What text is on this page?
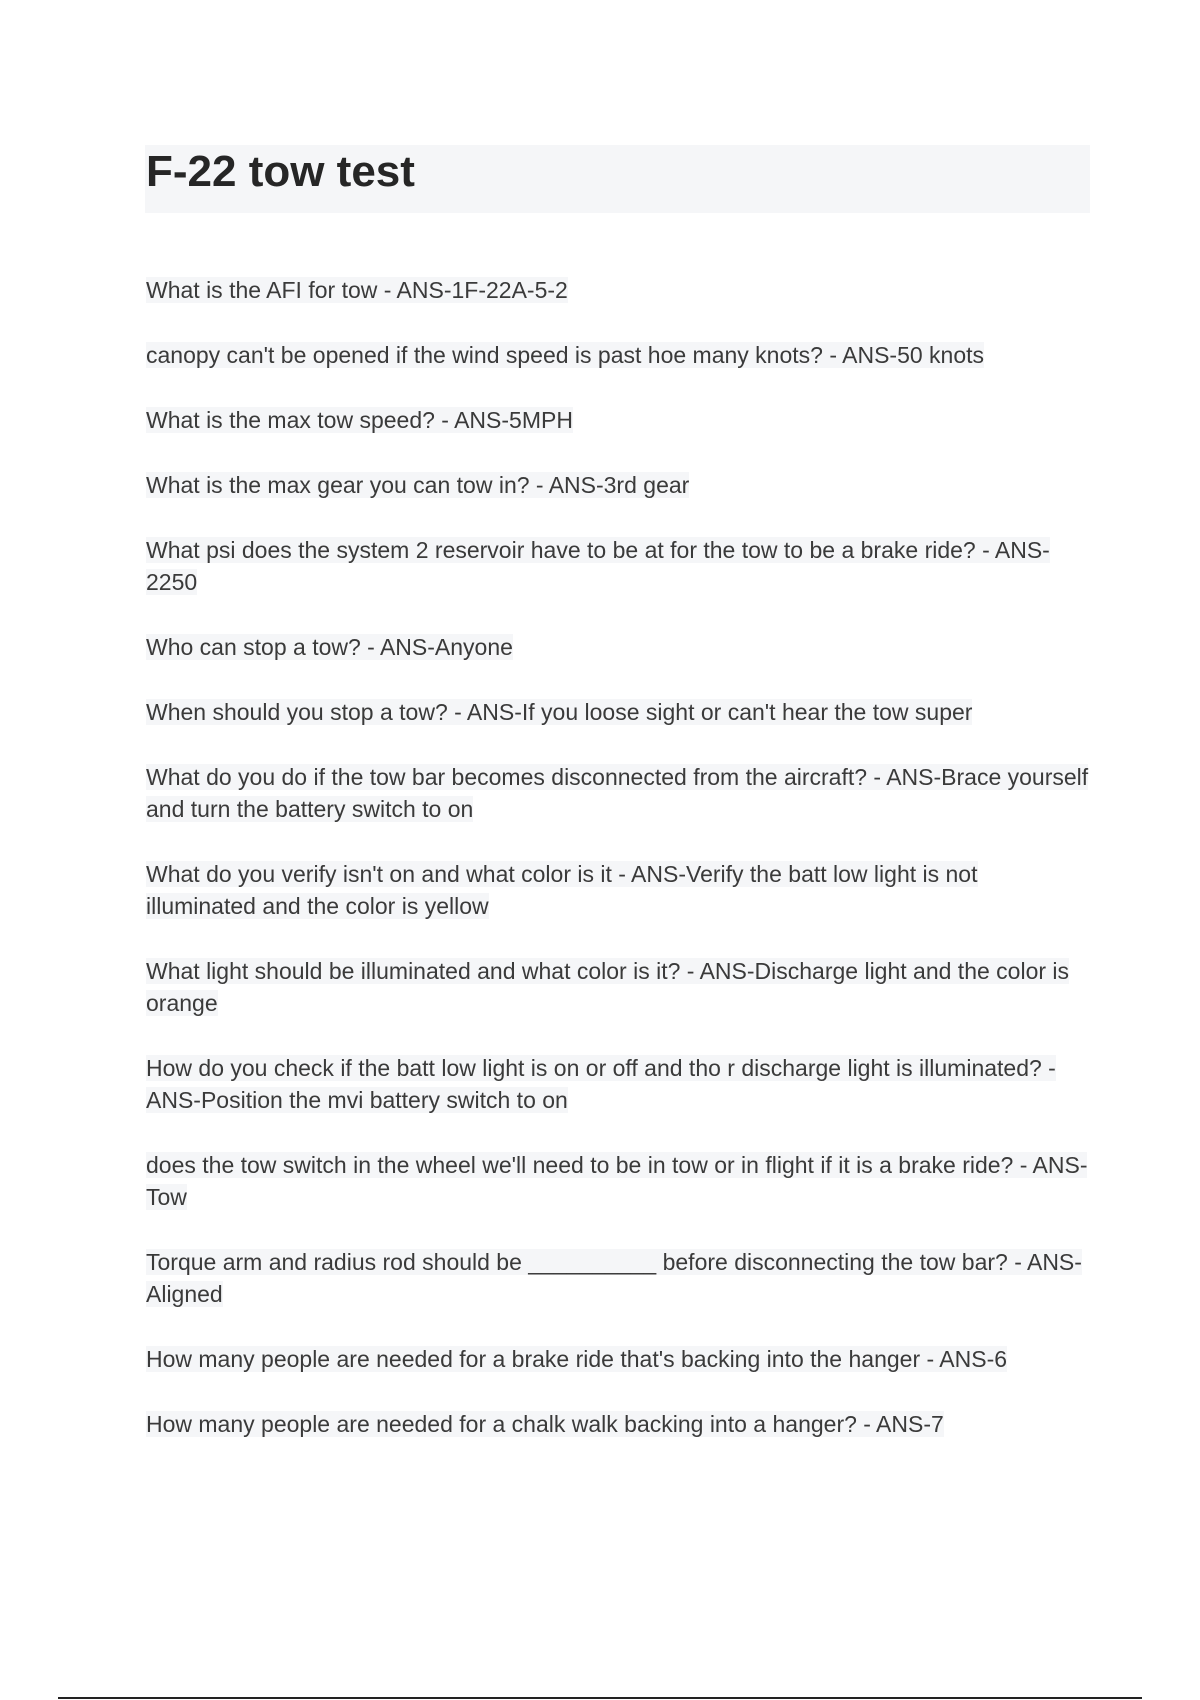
F-22 tow test
What is the AFI for tow - ANS-1F-22A-5-2
canopy can't be opened if the wind speed is past hoe many knots? - ANS-50 knots
What is the max tow speed? - ANS-5MPH
What is the max gear you can tow in? - ANS-3rd gear
What psi does the system 2 reservoir have to be at for the tow to be a brake ride? - ANS-2250
Who can stop a tow? - ANS-Anyone
When should you stop a tow? - ANS-If you loose sight or can't hear the tow super
What do you do if the tow bar becomes disconnected from the aircraft? - ANS-Brace yourself and turn the battery switch to on
What do you verify isn't on and what color is it - ANS-Verify the batt low light is not illuminated and the color is yellow
What light should be illuminated and what color is it? - ANS-Discharge light and the color is orange
How do you check if the batt low light is on or off and tho r discharge light is illuminated? - ANS-Position the mvi battery switch to on
does the tow switch in the wheel we'll need to be in tow or in flight if it is a brake ride? - ANS-Tow
Torque arm and radius rod should be __________ before disconnecting the tow bar? - ANS-Aligned
How many people are needed for a brake ride that's backing into the hanger - ANS-6
How many people are needed for a chalk walk backing into a hanger? - ANS-7
